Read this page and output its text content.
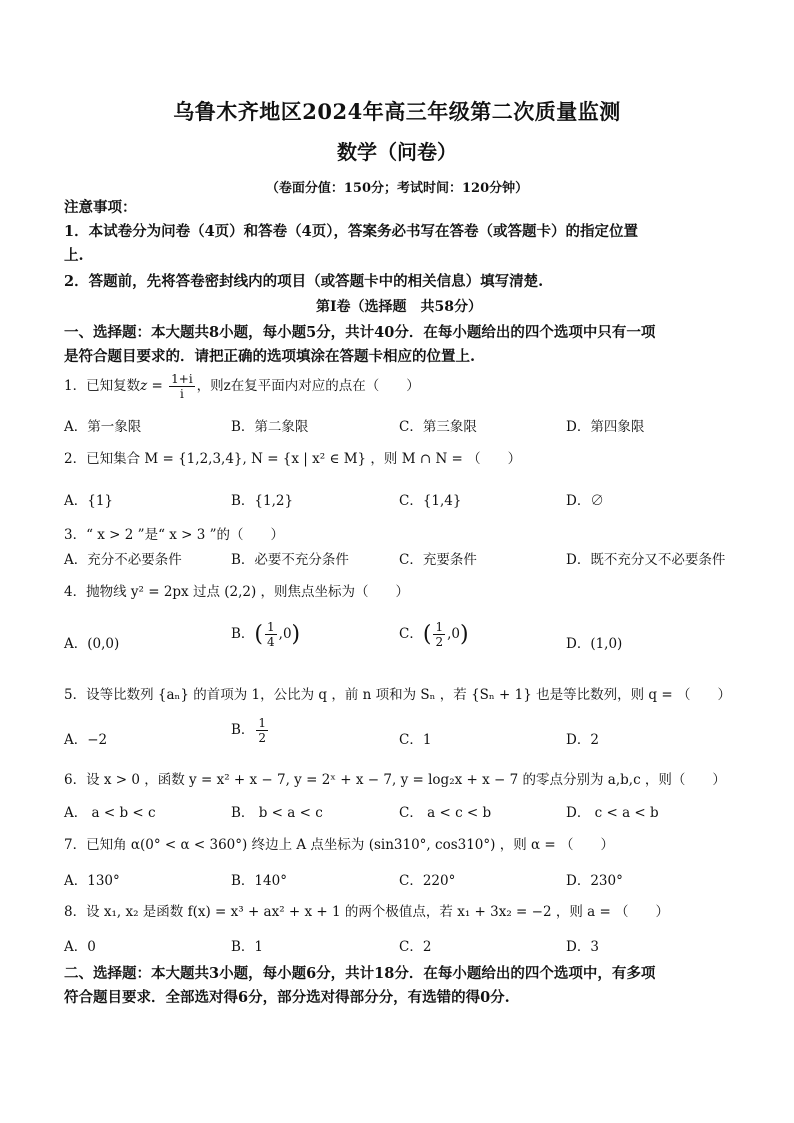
乌鲁木齐地区2024年高三年级第二次质量监测
数学（问卷）
（卷面分值：150分；考试时间：120分钟）
注意事项：
1．本试卷分为问卷（4页）和答卷（4页），答案务必书写在答卷（或答题卡）的指定位置
上.
2．答题前，先将答卷密封线内的项目（或答题卡中的相关信息）填写清楚.
第Ⅰ卷（选择题　共58分）
一、选择题：本大题共8小题，每小题5分，共计40分．在每小题给出的四个选项中只有一项
是符合题目要求的．请把正确的选项填涂在答题卡相应的位置上.
1．已知复数$z = \frac{1+i}{i}$ ，则z在复平面内对应的点在（　　）
A．第一象限	B．第二象限	C．第三象限	D．第四象限
2．已知集合 M = {1,2,3,4}, N = {x | x² ∈ M} ，则 M ∩ N = （　　）
A．{1}	B．{1,2}	C．{1,4}	D．∅
3．“ x > 2 ”是“ x > 3 ”的（　　）
A．充分不必要条件	B．必要不充分条件	C．充要条件	D．既不充分又不必要条件
4．抛物线 y² = 2px 过点 (2,2) ，则焦点坐标为（　　）
A．(0,0)
B．( $\frac{1}{4} ,0$)	C．( $\frac{1}{2} ,0$)	D．(1,0)
5．设等比数列 {aₙ} 的首项为 1，公比为 q ，前 n 项和为 Sₙ ，若 {Sₙ + 1} 也是等比数列，则 q = （　　）
A．−2
B． $\frac{1}{2}$	C．1	D．2
6．设 x > 0 ，函数 y = x² + x − 7, y = 2ˣ + x − 7, y = log₂x + x − 7 的零点分别为 a,b,c ，则（　　）
A． a < b < c	B． b < a < c	C． a < c < b	D． c < a < b
7．已知角 α(0° < α < 360°) 终边上 A 点坐标为 (sin310°, cos310°) ，则 α = （　　）
A．130°	B．140°	C．220°	D．230°
8．设 x₁, x₂ 是函数 f(x) = x³ + ax² + x + 1 的两个极值点，若 x₁ + 3x₂ = −2 ，则 a = （　　）
A．0	B．1	C．2	D．3
二、选择题：本大题共3小题，每小题6分，共计18分．在每小题给出的四个选项中，有多项
符合题目要求．全部选对得6分，部分选对得部分分，有选错的得0分.
